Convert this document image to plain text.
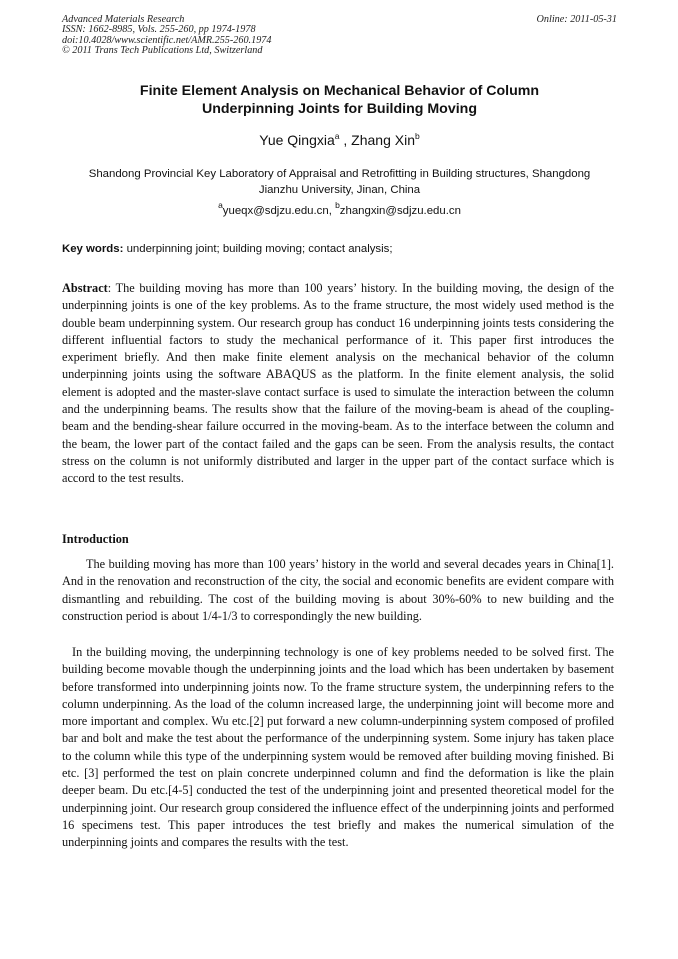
Advanced Materials Research
ISSN: 1662-8985, Vols. 255-260, pp 1974-1978
doi:10.4028/www.scientific.net/AMR.255-260.1974
© 2011 Trans Tech Publications Ltd, Switzerland
Online: 2011-05-31
Finite Element Analysis on Mechanical Behavior of Column
Underpinning Joints for Building Moving
Yue Qingxia$^a$ , Zhang Xin$^b$
Shandong Provincial Key Laboratory of Appraisal and Retrofitting in Building structures, Shangdong
Jianzhu University, Jinan, China
$^a$yueqx@sdjzu.edu.cn, $^b$zhangxin@sdjzu.edu.cn
Key words: underpinning joint; building moving; contact analysis;
Abstract: The building moving has more than 100 years’ history. In the building moving, the design of the underpinning joints is one of the key problems. As to the frame structure, the most widely used method is the double beam underpinning system. Our research group has conduct 16 underpinning joints tests considering the different influential factors to study the mechanical performance of it. This paper first introduces the experiment briefly. And then make finite element analysis on the mechanical behavior of the column underpinning joints using the software ABAQUS as the platform. In the finite element analysis, the solid element is adopted and the master-slave contact surface is used to simulate the interaction between the column and the underpinning beams. The results show that the failure of the moving-beam is ahead of the coupling-beam and the bending-shear failure occurred in the moving-beam. As to the interface between the column and the beam, the lower part of the contact failed and the gaps can be seen. From the analysis results, the contact stress on the column is not uniformly distributed and larger in the upper part of the contact surface which is accord to the test results.
Introduction
The building moving has more than 100 years’ history in the world and several decades years in China[1]. And in the renovation and reconstruction of the city, the social and economic benefits are evident compare with dismantling and rebuilding. The cost of the building moving is about 30%-60% to new building and the construction period is about 1/4-1/3 to correspondingly the new building.
In the building moving, the underpinning technology is one of key problems needed to be solved first. The building become movable though the underpinning joints and the load which has been undertaken by basement before transformed into underpinning joints now. To the frame structure system, the underpinning refers to the column underpinning. As the load of the column increased large, the underpinning joint will become more and more important and complex. Wu etc.[2] put forward a new column-underpinning system composed of profiled bar and bolt and make the test about the performance of the underpinning system. Some injury has taken place to the column while this type of the underpinning system would be removed after building moving finished. Bi etc. [3] performed the test on plain concrete underpinned column and find the deformation is like the plain deeper beam. Du etc.[4-5] conducted the test of the underpinning joint and presented theoretical model for the underpinning joint. Our research group considered the influence effect of the underpinning joints and performed 16 specimens test. This paper introduces the test briefly and makes the numerical simulation of the underpinning joints and compares the results with the test.
